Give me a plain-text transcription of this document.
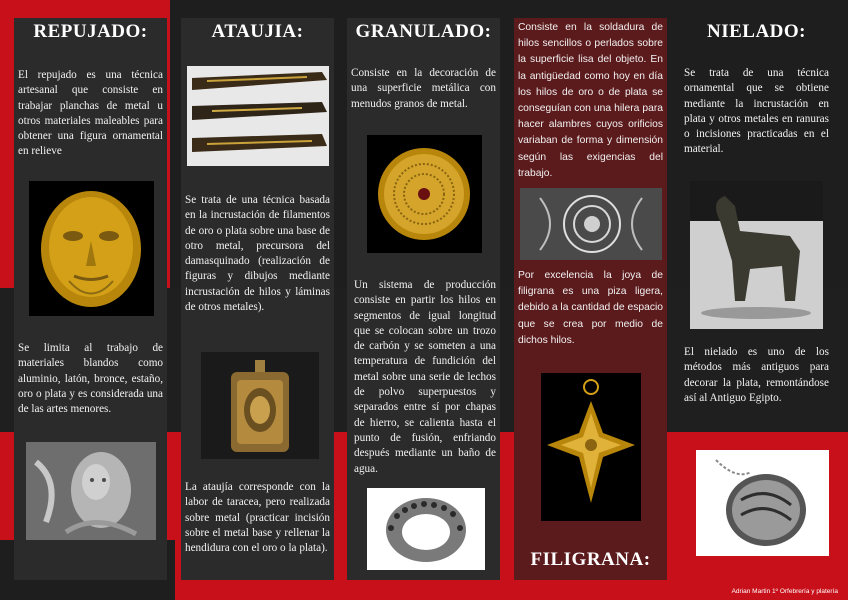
REPUJADO:

El repujado es una técnica artesanal que consiste en trabajar planchas de metal u otros materiales maleables para obtener una figura ornamental en relieve

Se limita al trabajo de materiales blandos como aluminio, latón, bronce, estaño, oro o plata y es considerada una de las artes menores.

ATAUJIA:

Se trata de una técnica basada en la incrustación de filamentos de oro o plata sobre una base de otro metal, precursora del damasquinado (realización de figuras y dibujos mediante incrustación de hilos y láminas de otros metales).

La ataujía corresponde con la labor de taracea, pero realizada sobre metal (practicar incisión sobre el metal base y rellenar la hendidura con el oro o la plata).

GRANULADO:

Consiste en la decoración de una superficie metálica con menudos granos de metal.

Un sistema de producción consiste en partir los hilos en segmentos de igual longitud que se colocan sobre un trozo de carbón y se someten a una temperatura de fundición del metal sobre una serie de lechos de polvo superpuestos y separados entre sí por chapas de hierro, se calienta hasta el punto de fusión, enfriando después mediante un baño de agua.

Consiste en la soldadura de hilos sencillos o perlados sobre la superficie lisa del objeto. En la antigüedad como hoy en día los hilos de oro o de plata se conseguían con una hilera para hacer alambres cuyos orificios variaban de forma y dimensión según las exigencias del trabajo.

Por excelencia la joya de filigrana es una piza ligera, debido a la cantidad de espacio que se crea por medio de dichos hilos.

FILIGRANA:
NIELADO:

Se trata de una técnica ornamental que se obtiene mediante la incrustación en plata y otros metales en ranuras o incisiones practicadas en el material.

El nielado es uno de los métodos más antiguos para decorar la plata, remontándose así al Antiguo Egipto.

Adrian Martin 1º Orfebrería y platería
